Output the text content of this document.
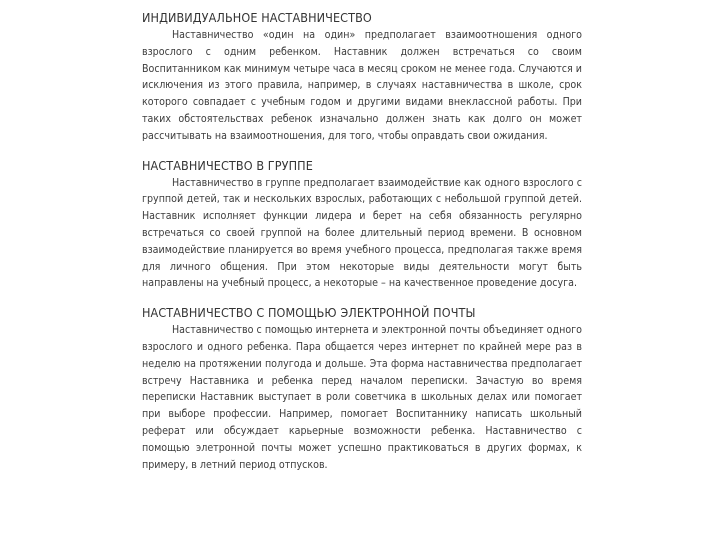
ИНДИВИДУАЛЬНОЕ НАСТАВНИЧЕСТВО

Наставничество «один на один» предполагает взаимоотношения одного взрослого с одним ребенком. Наставник должен встречаться со своим Воспитанником как минимум четыре часа в месяц сроком не менее года. Случаются и исключения из этого правила, например, в случаях наставничества в школе, срок которого совпадает с учебным годом и другими видами внеклассной работы. При таких обстоятельствах ребенок изначально должен знать как долго он может рассчитывать на взаимоотношения, для того, чтобы оправдать свои ожидания.

НАСТАВНИЧЕСТВО В ГРУППЕ

Наставничество в группе предполагает взаимодействие как одного взрослого с группой детей, так и нескольких взрослых, работающих с небольшой группой детей. Наставник исполняет функции лидера и берет на себя обязанность регулярно встречаться со своей группой на более длительный период времени. В основном взаимодействие планируется во время учебного процесса, предполагая также время для личного общения. При этом некоторые виды деятельности могут быть направлены на учебный процесс, а некоторые – на качественное проведение досуга.

НАСТАВНИЧЕСТВО С ПОМОЩЬЮ ЭЛЕКТРОННОЙ ПОЧТЫ

Наставничество с помощью интернета и электронной почты объединяет одного взрослого и одного ребенка. Пара общается через интернет по крайней мере раз в неделю на протяжении полугода и дольше. Эта форма наставничества предполагает встречу Наставника и ребенка перед началом переписки. Зачастую во время переписки Наставник выступает в роли советчика в школьных делах или помогает при выборе профессии. Например, помогает Воспитаннику написать школьный реферат или обсуждает карьерные возможности ребенка. Наставничество с помощью элетронной почты может успешно практиковаться в других формах, к примеру, в летний период отпусков.
